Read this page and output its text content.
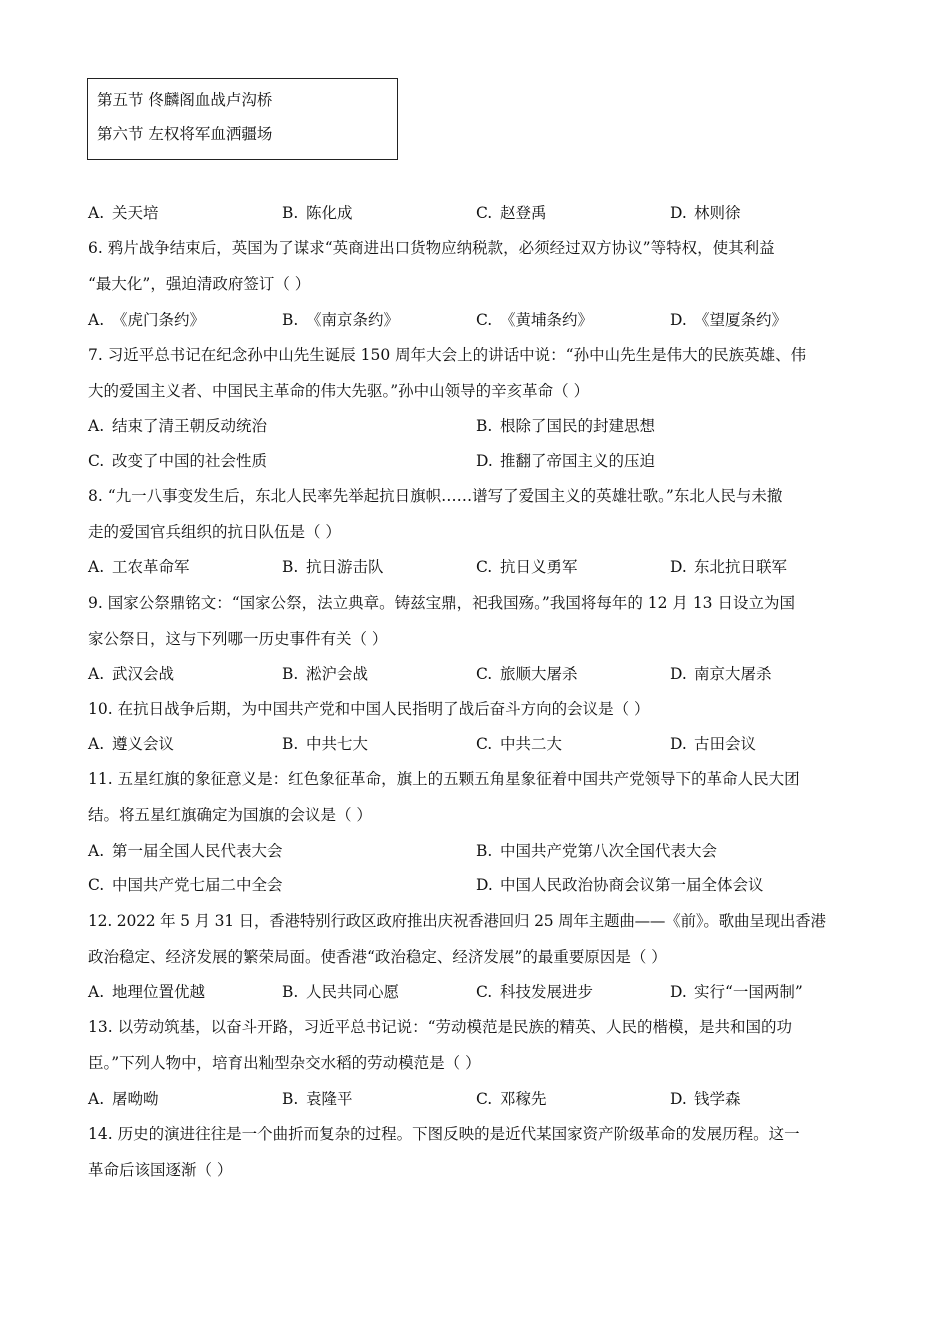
第五节 佟麟阁血战卢沟桥
第六节 左权将军血洒疆场
A. 关天培	B. 陈化成	C. 赵登禹	D. 林则徐
6. 鸦片战争结束后，英国为了谋求“英商进出口货物应纳税款，必须经过双方协议”等特权，使其利益
“最大化”，强迫清政府签订（ ）
A. 《虎门条约》	B. 《南京条约》	C. 《黄埔条约》	D. 《望厦条约》
7. 习近平总书记在纪念孙中山先生诞辰 150 周年大会上的讲话中说：“孙中山先生是伟大的民族英雄、伟
大的爱国主义者、中国民主革命的伟大先驱。”孙中山领导的辛亥革命（ ）
A. 结束了清王朝反动统治	B. 根除了国民的封建思想
C. 改变了中国的社会性质	D. 推翻了帝国主义的压迫
8. “九一八事变发生后，东北人民率先举起抗日旗帜……谱写了爱国主义的英雄壮歌。”东北人民与未撤
走的爱国官兵组织的抗日队伍是（ ）
A. 工农革命军	B. 抗日游击队	C. 抗日义勇军	D. 东北抗日联军
9. 国家公祭鼎铭文：“国家公祭，法立典章。铸兹宝鼎，祀我国殇。”我国将每年的 12 月 13 日设立为国
家公祭日，这与下列哪一历史事件有关（ ）
A. 武汉会战	B. 淞沪会战	C. 旅顺大屠杀	D. 南京大屠杀
10. 在抗日战争后期，为中国共产党和中国人民指明了战后奋斗方向的会议是（ ）
A. 遵义会议	B. 中共七大	C. 中共二大	D. 古田会议
11. 五星红旗的象征意义是：红色象征革命，旗上的五颗五角星象征着中国共产党领导下的革命人民大团
结。将五星红旗确定为国旗的会议是（ ）
A. 第一届全国人民代表大会	B. 中国共产党第八次全国代表大会
C. 中国共产党七届二中全会	D. 中国人民政治协商会议第一届全体会议
12. 2022 年 5 月 31 日，香港特别行政区政府推出庆祝香港回归 25 周年主题曲——《前》。歌曲呈现出香港
政治稳定、经济发展的繁荣局面。使香港“政治稳定、经济发展”的最重要原因是（ ）
A. 地理位置优越	B. 人民共同心愿	C. 科技发展进步	D. 实行“一国两制”
13. 以劳动筑基，以奋斗开路，习近平总书记说：“劳动模范是民族的精英、人民的楷模，是共和国的功
臣。”下列人物中，培育出籼型杂交水稻的劳动模范是（ ）
A. 屠呦呦	B. 袁隆平	C. 邓稼先	D. 钱学森
14. 历史的演进往往是一个曲折而复杂的过程。下图反映的是近代某国家资产阶级革命的发展历程。这一
革命后该国逐渐（ ）
